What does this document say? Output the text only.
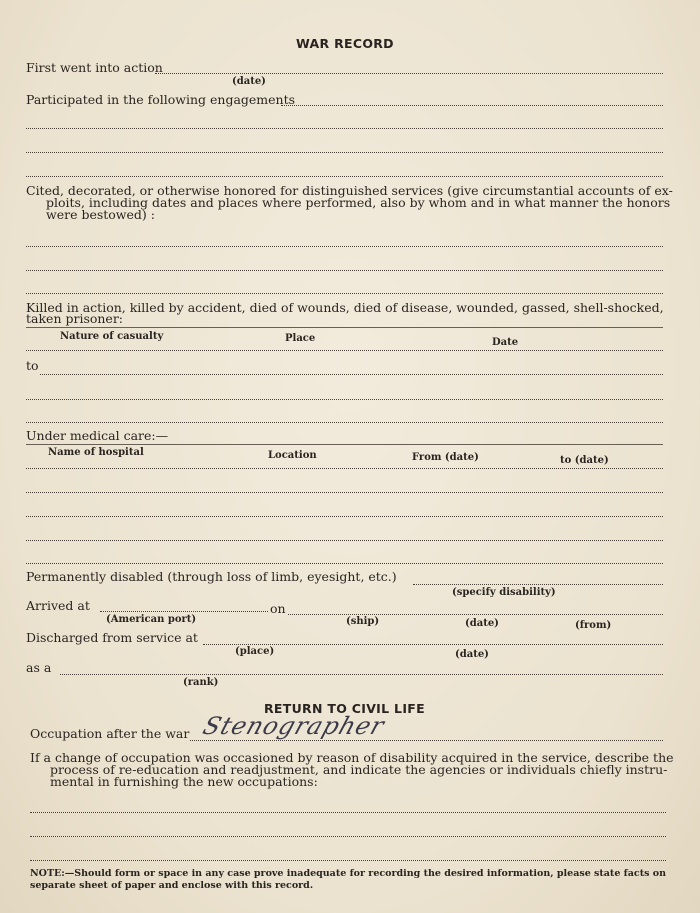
WAR RECORD
First went into action
(date)
Participated in the following engagements
Cited, decorated, or otherwise honored for distinguished services (give circumstantial accounts of ex-
ploits, including dates and places where performed, also by whom and in what manner the honors
were bestowed) :
Killed in action, killed by accident, died of wounds, died of disease, wounded, gassed, shell-shocked,
taken prisoner:
Nature of casualty	Place	Date
to
Under medical care:—
Name of hospital	Location	From (date)	to (date)
Permanently disabled (through loss of limb, eyesight, etc.)
(specify disability)
Arrived at	on
(American port)	(ship)	(date)	(from)
Discharged from service at
(place)	(date)
as a
(rank)
RETURN TO CIVIL LIFE
Occupation after the war Stenographer
If a change of occupation was occasioned by reason of disability acquired in the service, describe the
process of re-education and readjustment, and indicate the agencies or individuals chiefly instru-
mental in furnishing the new occupations:
NOTE:—Should form or space in any case prove inadequate for recording the desired information, please state facts on
separate sheet of paper and enclose with this record.
